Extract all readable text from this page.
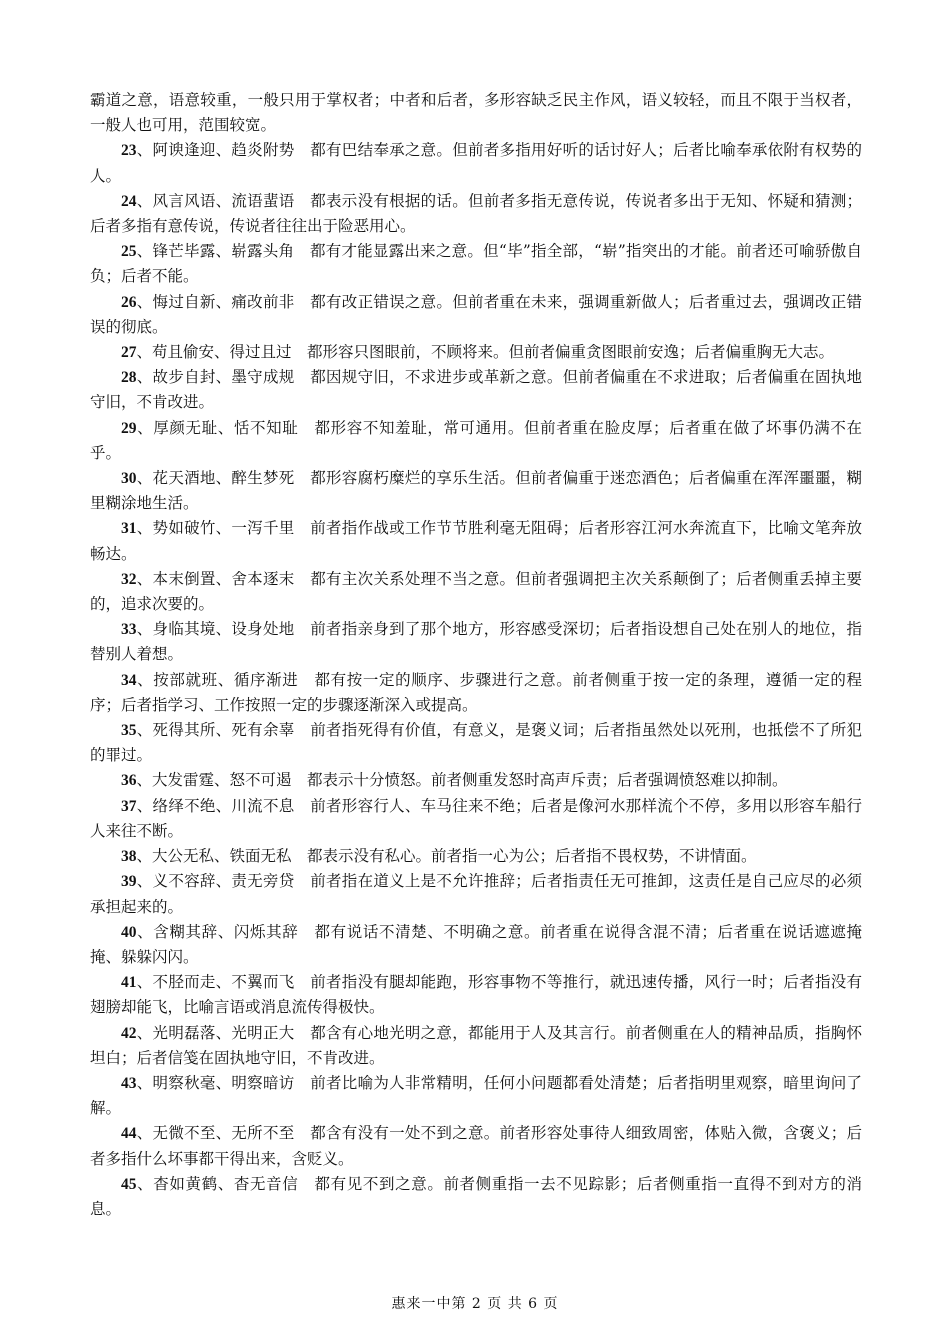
霸道之意，语意较重，一般只用于掌权者；中者和后者，多形容缺乏民主作风，语义较轻，而且不限于当权者，一般人也可用，范围较宽。

23、阿谀逢迎、趋炎附势　都有巴结奉承之意。但前者多指用好听的话讨好人；后者比喻奉承依附有权势的人。

24、风言风语、流语蜚语　都表示没有根据的话。但前者多指无意传说，传说者多出于无知、怀疑和猜测；后者多指有意传说，传说者往往出于险恶用心。

25、锋芒毕露、崭露头角　都有才能显露出来之意。但“毕”指全部，“崭”指突出的才能。前者还可喻骄傲自负；后者不能。

26、悔过自新、痛改前非　都有改正错误之意。但前者重在未来，强调重新做人；后者重过去，强调改正错误的彻底。

27、苟且偷安、得过且过　都形容只图眼前，不顾将来。但前者偏重贪图眼前安逸；后者偏重胸无大志。

28、故步自封、墨守成规　都因规守旧，不求进步或革新之意。但前者偏重在不求进取；后者偏重在固执地守旧，不肯改进。

29、厚颜无耻、恬不知耻　都形容不知羞耻，常可通用。但前者重在脸皮厚；后者重在做了坏事仍满不在乎。

30、花天酒地、醉生梦死　都形容腐朽糜烂的享乐生活。但前者偏重于迷恋酒色；后者偏重在浑浑噩噩，糊里糊涂地生活。

31、势如破竹、一泻千里　前者指作战或工作节节胜利毫无阻碍；后者形容江河水奔流直下，比喻文笔奔放畅达。

32、本末倒置、舍本逐末　都有主次关系处理不当之意。但前者强调把主次关系颠倒了；后者侧重丢掉主要的，追求次要的。

33、身临其境、设身处地　前者指亲身到了那个地方，形容感受深切；后者指设想自己处在别人的地位，指替别人着想。

34、按部就班、循序渐进　都有按一定的顺序、步骤进行之意。前者侧重于按一定的条理，遵循一定的程序；后者指学习、工作按照一定的步骤逐渐深入或提高。

35、死得其所、死有余辜　前者指死得有价值，有意义，是褒义词；后者指虽然处以死刑，也抵偿不了所犯的罪过。

36、大发雷霆、怒不可遏　都表示十分愤怒。前者侧重发怒时高声斥责；后者强调愤怒难以抑制。

37、络绎不绝、川流不息　前者形容行人、车马往来不绝；后者是像河水那样流个不停，多用以形容车船行人来往不断。

38、大公无私、铁面无私　都表示没有私心。前者指一心为公；后者指不畏权势，不讲情面。

39、义不容辞、责无旁贷　前者指在道义上是不允许推辞；后者指责任无可推卸，这责任是自己应尽的必须承担起来的。

40、含糊其辞、闪烁其辞　都有说话不清楚、不明确之意。前者重在说得含混不清；后者重在说话遮遮掩掩、躲躲闪闪。

41、不胫而走、不翼而飞　前者指没有腿却能跑，形容事物不等推行，就迅速传播，风行一时；后者指没有翅膀却能飞，比喻言语或消息流传得极快。

42、光明磊落、光明正大　都含有心地光明之意，都能用于人及其言行。前者侧重在人的精神品质，指胸怀坦白；后者信笺在固执地守旧，不肯改进。

43、明察秋毫、明察暗访　前者比喻为人非常精明，任何小问题都看处清楚；后者指明里观察，暗里询问了解。

44、无微不至、无所不至　都含有没有一处不到之意。前者形容处事待人细致周密，体贴入微，含褒义；后者多指什么坏事都干得出来，含贬义。

45、杳如黄鹤、杳无音信　都有见不到之意。前者侧重指一去不见踪影；后者侧重指一直得不到对方的消息。

惠来一中第 2 页 共 6 页
